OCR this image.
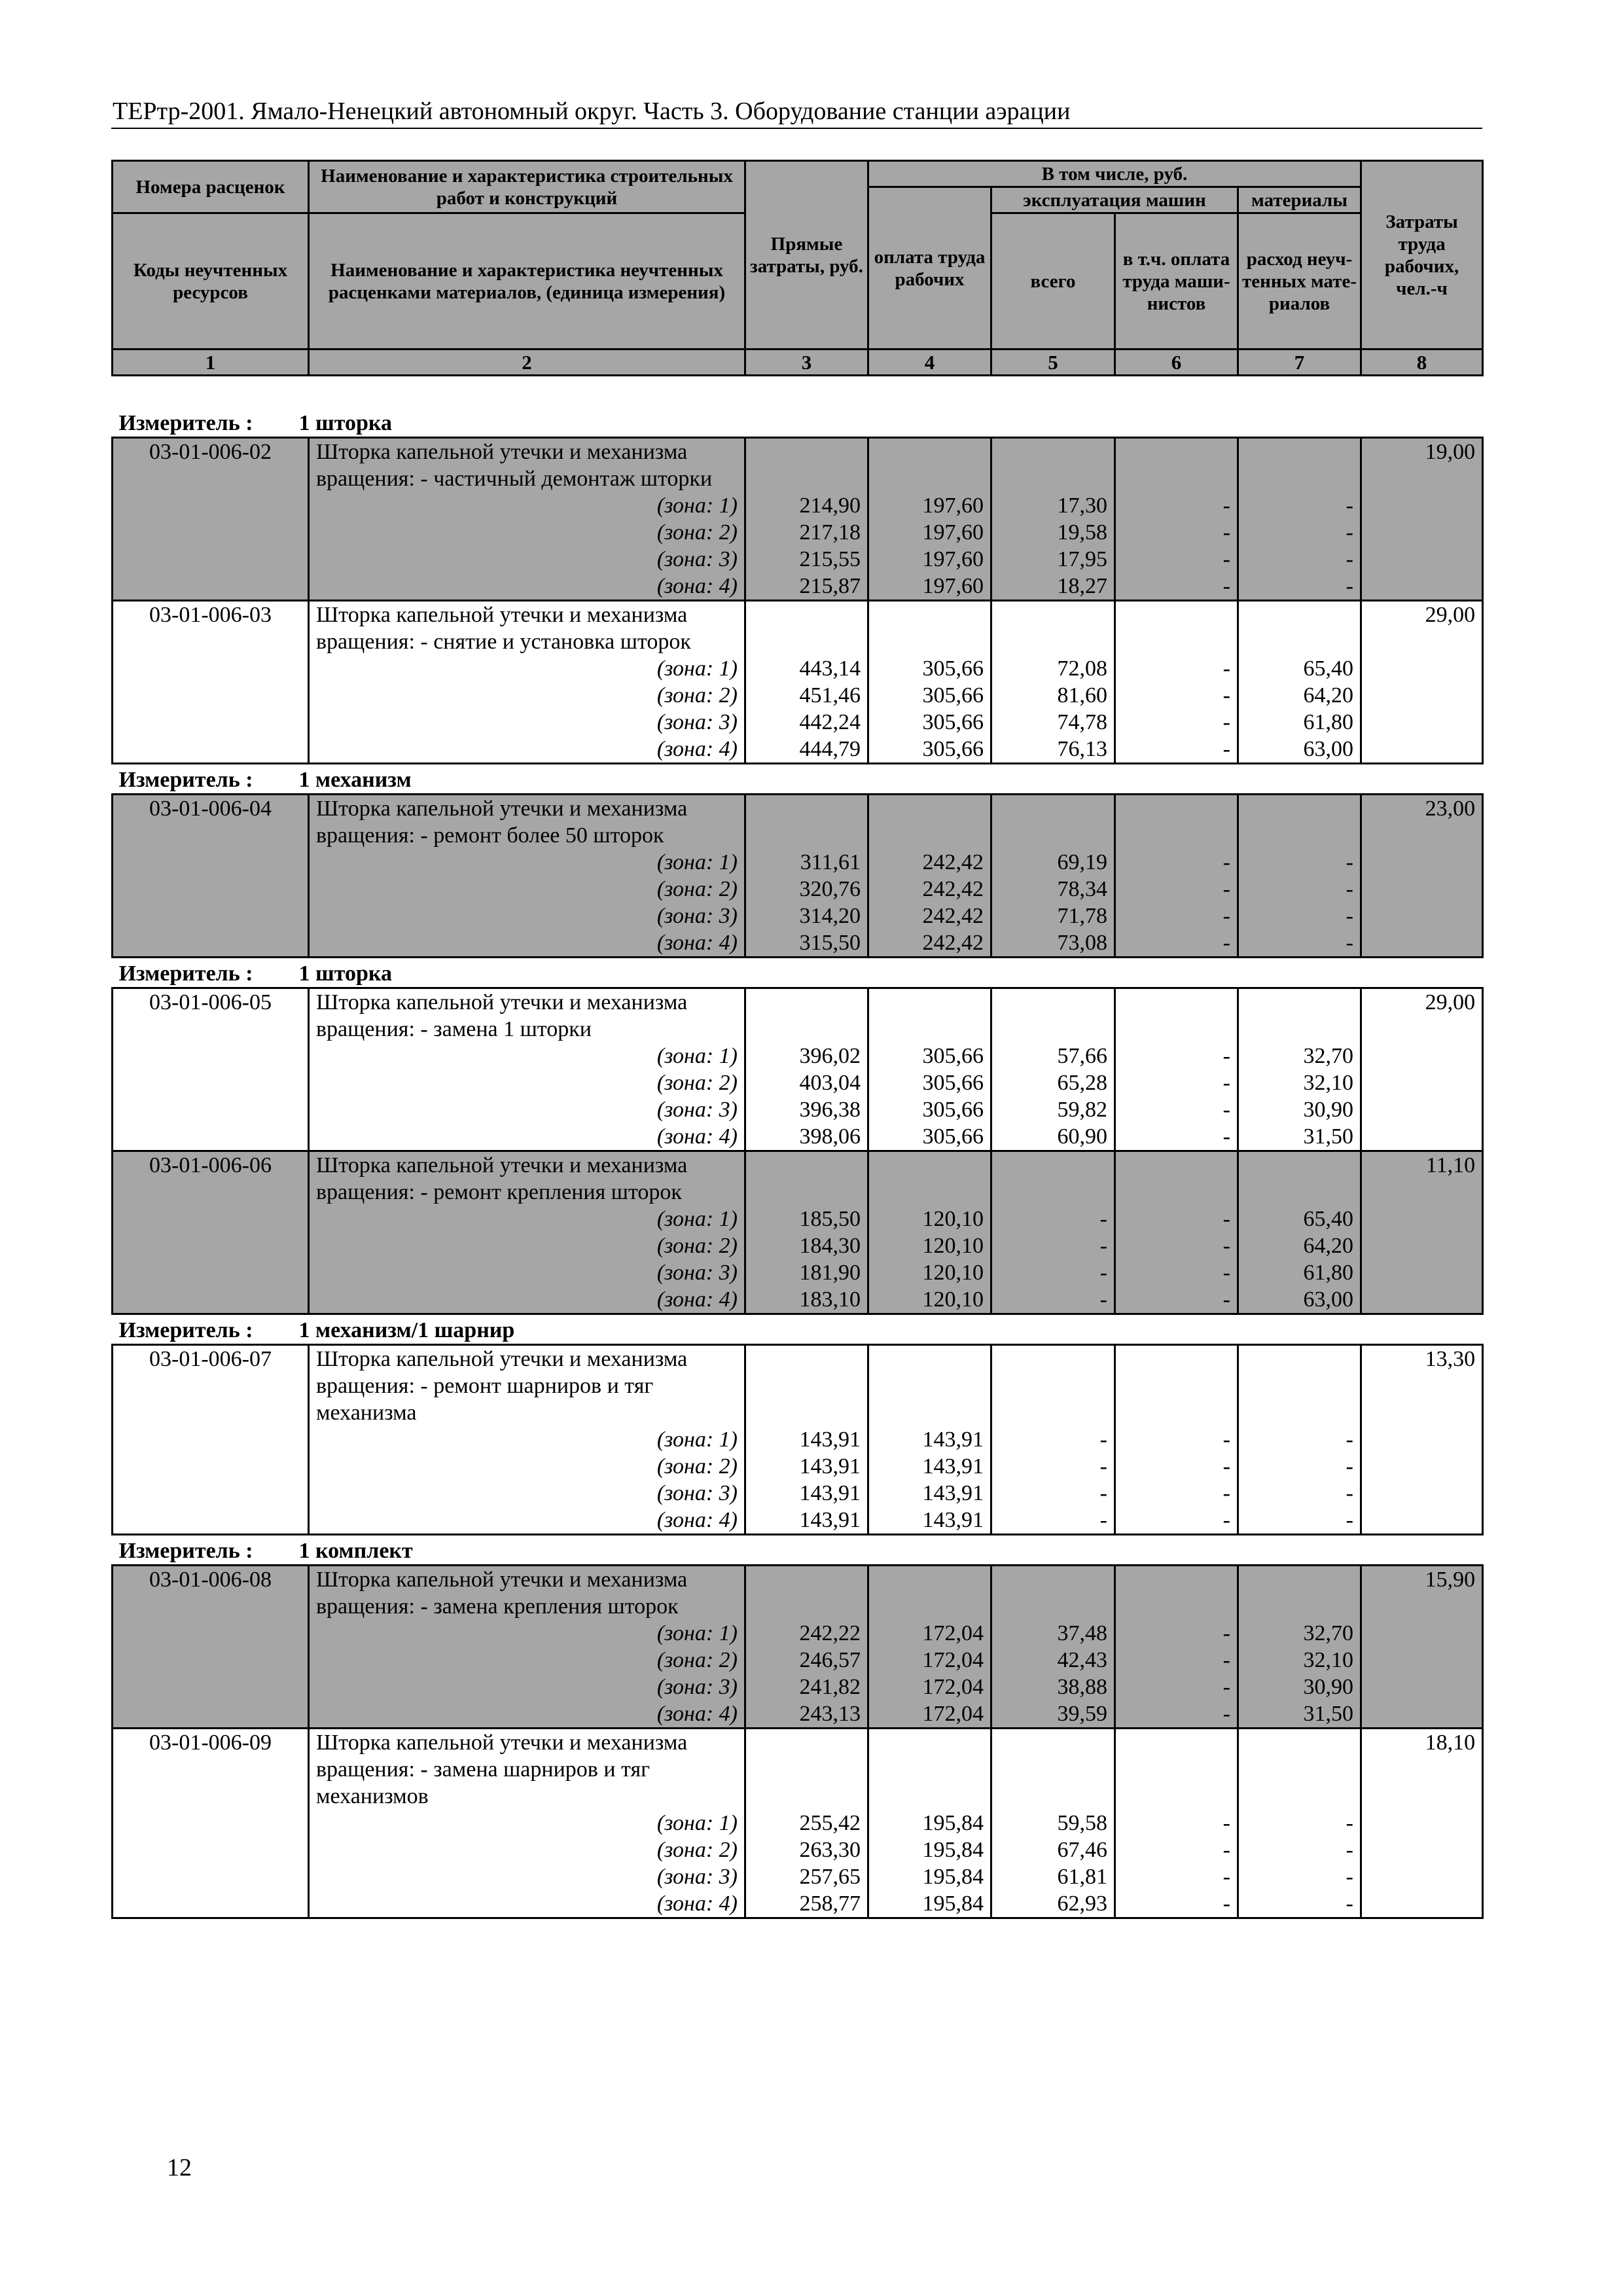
ТЕРтр-2001. Ямало-Ненецкий автономный округ. Часть 3. Оборудование станции аэрации
Номера расценок	Наименование и характеристика строительных работ и конструкций	Прямые затраты, руб.	В том числе, руб.				Затраты труда рабочих, чел.-ч
			оплата труда рабочих	эксплуатация машин		материалы	
Коды неучтенных ресурсов	Наименование и характеристика неучтенных расценками материалов, (единица измерения)			всего	в т.ч. оплата труда маши-нистов	расход неуч-тенных мате-риалов	

1	2	3	4	5	6	7	8
Измеритель : 1 шторка							
03-01-006-02	Шторка капельной утечки и механизма вращения: - частичный демонтаж шторки						19,00
	(зона: 1)	214,90	197,60	17,30	-	-	
	(зона: 2)	217,18	197,60	19,58	-	-	
	(зона: 3)	215,55	197,60	17,95	-	-	
	(зона: 4)	215,87	197,60	18,27	-	-	
03-01-006-03	Шторка капельной утечки и механизма вращения: - снятие и установка шторок						29,00
	(зона: 1)	443,14	305,66	72,08	-	65,40	
	(зона: 2)	451,46	305,66	81,60	-	64,20	
	(зона: 3)	442,24	305,66	74,78	-	61,80	
	(зона: 4)	444,79	305,66	76,13	-	63,00	
Измеритель : 1 механизм							
03-01-006-04	Шторка капельной утечки и механизма вращения: - ремонт более 50 шторок						23,00
	(зона: 1)	311,61	242,42	69,19	-	-	
	(зона: 2)	320,76	242,42	78,34	-	-	
	(зона: 3)	314,20	242,42	71,78	-	-	
	(зона: 4)	315,50	242,42	73,08	-	-	
Измеритель : 1 шторка							
03-01-006-05	Шторка капельной утечки и механизма вращения: - замена 1 шторки						29,00
	(зона: 1)	396,02	305,66	57,66	-	32,70	
	(зона: 2)	403,04	305,66	65,28	-	32,10	
	(зона: 3)	396,38	305,66	59,82	-	30,90	
	(зона: 4)	398,06	305,66	60,90	-	31,50	
03-01-006-06	Шторка капельной утечки и механизма вращения: - ремонт крепления шторок						11,10
	(зона: 1)	185,50	120,10	-	-	65,40	
	(зона: 2)	184,30	120,10	-	-	64,20	
	(зона: 3)	181,90	120,10	-	-	61,80	
	(зона: 4)	183,10	120,10	-	-	63,00	
Измеритель : 1 механизм/1 шарнир							
03-01-006-07	Шторка капельной утечки и механизма вращения: - ремонт шарниров и тяг механизма						13,30
	(зона: 1)	143,91	143,91	-	-	-	
	(зона: 2)	143,91	143,91	-	-	-	
	(зона: 3)	143,91	143,91	-	-	-	
	(зона: 4)	143,91	143,91	-	-	-	
Измеритель : 1 комплект							
03-01-006-08	Шторка капельной утечки и механизма вращения: - замена крепления шторок						15,90
	(зона: 1)	242,22	172,04	37,48	-	32,70	
	(зона: 2)	246,57	172,04	42,43	-	32,10	
	(зона: 3)	241,82	172,04	38,88	-	30,90	
	(зона: 4)	243,13	172,04	39,59	-	31,50	
03-01-006-09	Шторка капельной утечки и механизма вращения: - замена шарниров и тяг механизмов						18,10
	(зона: 1)	255,42	195,84	59,58	-	-	
	(зона: 2)	263,30	195,84	67,46	-	-	
	(зона: 3)	257,65	195,84	61,81	-	-	
	(зона: 4)	258,77	195,84	62,93	-	-	
12
